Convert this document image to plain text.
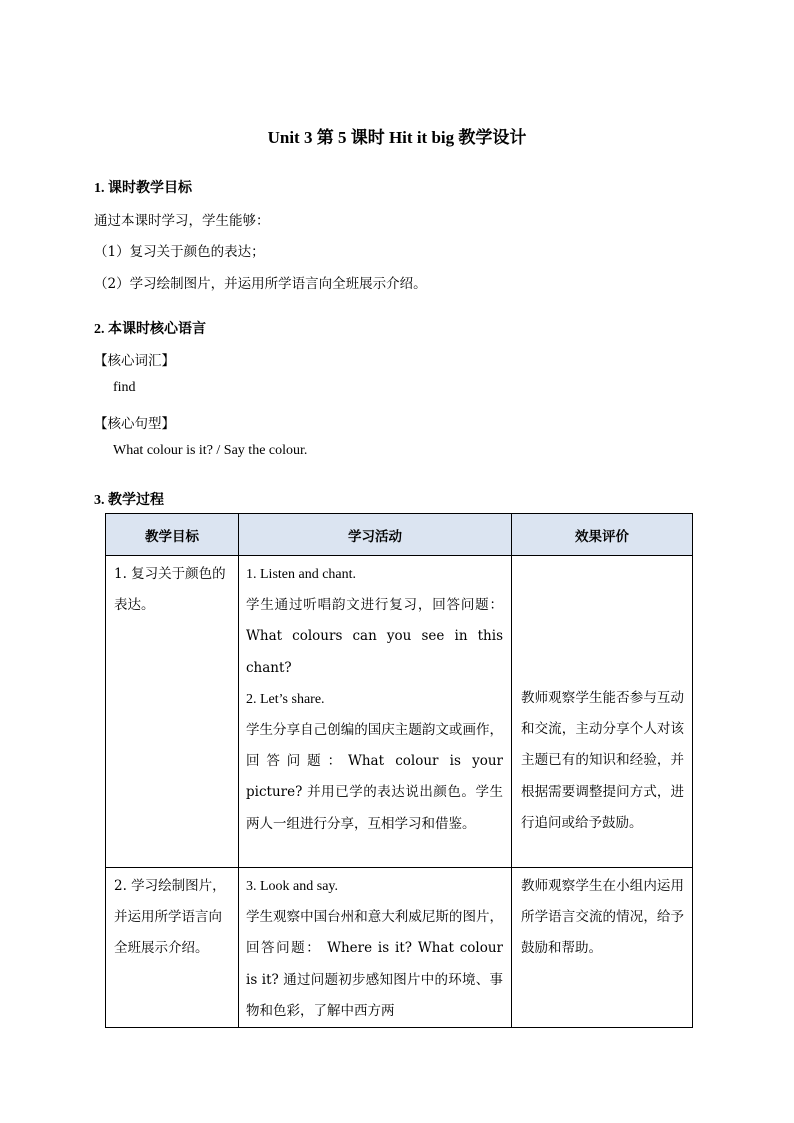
Unit 3 第 5 课时 Hit it big 教学设计
1. 课时教学目标
通过本课时学习，学生能够：
（1）复习关于颜色的表达；
（2）学习绘制图片，并运用所学语言向全班展示介绍。
2. 本课时核心语言
【核心词汇】
find
【核心句型】
What colour is it? / Say the colour.
3. 教学过程
教学目标	学习活动	效果评价
1. 复习关于颜色的表达。	1. Listen and chant.

学生通过听唱韵文进行复习，回答问题： What colours can you see in this chant?

2. Let’s share.

学生分享自己创编的国庆主题韵文或画作，回答问题：What colour is your picture? 并用已学的表达说出颜色。学生两人一组进行分享，互相学习和借鉴。	教师观察学生能否参与互动和交流，主动分享个人对该主题已有的知识和经验，并根据需要调整提问方式，进行追问或给予鼓励。
2. 学习绘制图片，并运用所学语言向全班展示介绍。	3. Look and say.

学生观察中国台州和意大利威尼斯的图片，回答问题： Where is it? What colour is it? 通过问题初步感知图片中的环境、事物和色彩，了解中西方两	教师观察学生在小组内运用所学语言交流的情况，给予鼓励和帮助。
